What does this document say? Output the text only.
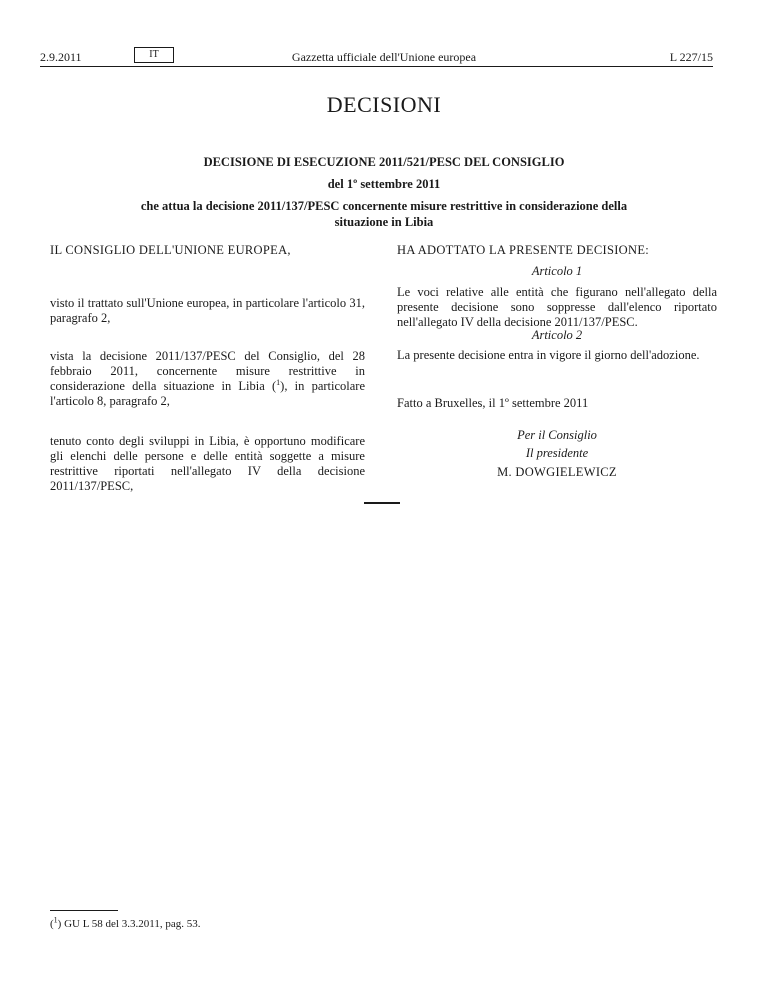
2.9.2011	IT	Gazzetta ufficiale dell'Unione europea	L 227/15
DECISIONI
DECISIONE DI ESECUZIONE 2011/521/PESC DEL CONSIGLIO
del 1º settembre 2011
che attua la decisione 2011/137/PESC concernente misure restrittive in considerazione della
situazione in Libia
IL CONSIGLIO DELL'UNIONE EUROPEA,
visto il trattato sull'Unione europea, in particolare l'articolo 31, paragrafo 2,
vista la decisione 2011/137/PESC del Consiglio, del 28 febbraio 2011, concernente misure restrittive in considerazione della situazione in Libia ($^1$), in particolare l'articolo 8, paragrafo 2,
tenuto conto degli sviluppi in Libia, è opportuno modificare gli elenchi delle persone e delle entità soggette a misure restrittive riportati nell'allegato IV della decisione 2011/137/PESC,
HA ADOTTATO LA PRESENTE DECISIONE:
Articolo 1
Le voci relative alle entità che figurano nell'allegato della presente decisione sono soppresse dall'elenco riportato nell'allegato IV della decisione 2011/137/PESC.
Articolo 2
La presente decisione entra in vigore il giorno dell'adozione.
Fatto a Bruxelles, il 1º settembre 2011
Per il Consiglio
Il presidente
M. DOWGIELEWICZ
($^1$) GU L 58 del 3.3.2011, pag. 53.
